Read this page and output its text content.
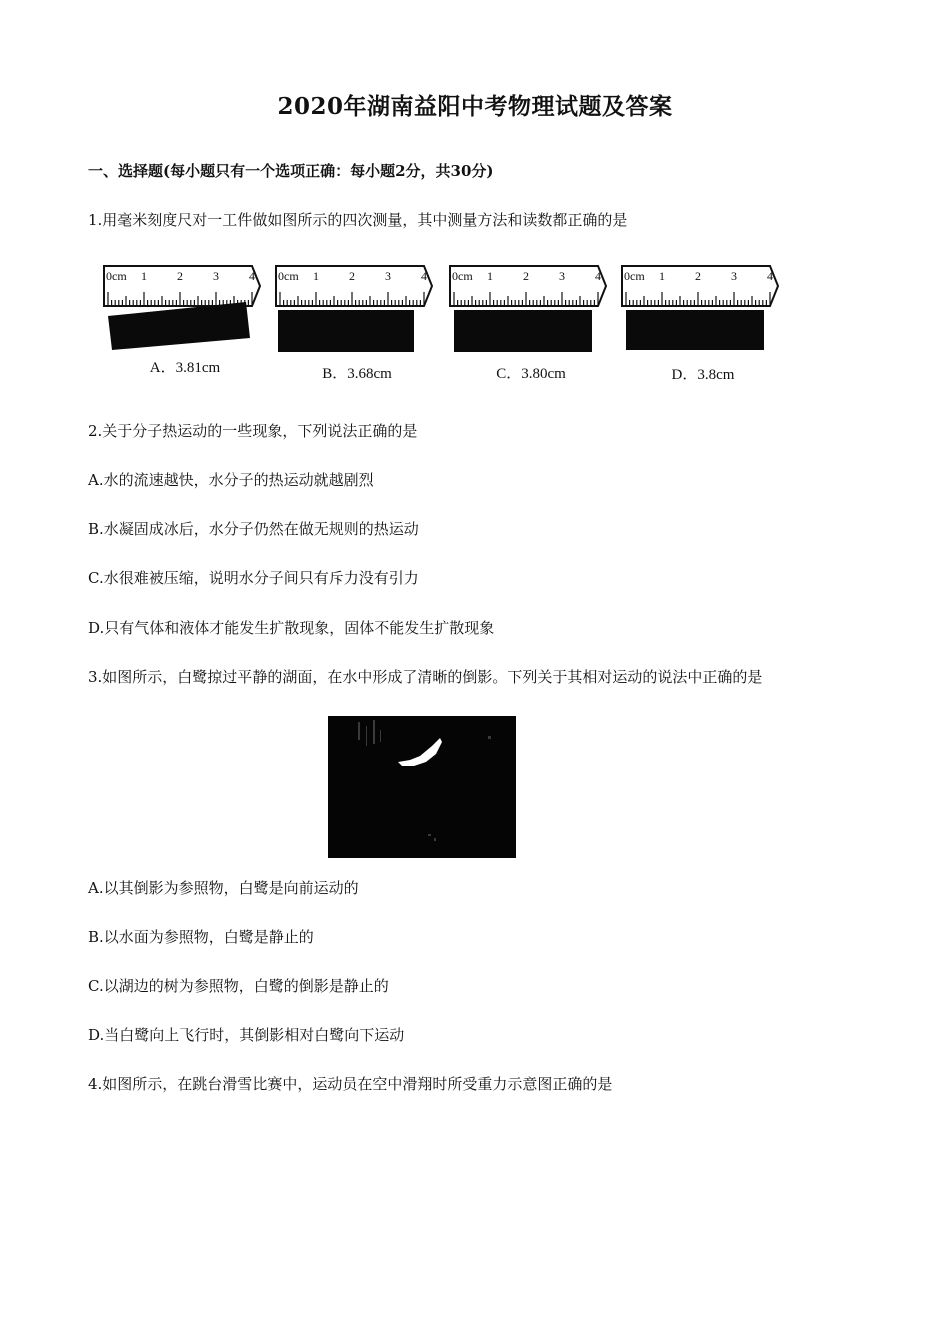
2020年湖南益阳中考物理试题及答案
一、选择题(每小题只有一个选项正确：每小题2分，共30分)
1.用毫米刻度尺对一工件做如图所示的四次测量，其中测量方法和读数都正确的是
0cm 1	2	3	4
A．3.81cm
0cm 1	2	3	4
B．3.68cm
0cm 1	2	3	4
C．3.80cm
0cm 1	2	3	4
D．3.8cm
2.关于分子热运动的一些现象，下列说法正确的是
A.水的流速越快，水分子的热运动就越剧烈
B.水凝固成冰后，水分子仍然在做无规则的热运动
C.水很难被压缩，说明水分子间只有斥力没有引力
D.只有气体和液体才能发生扩散现象，固体不能发生扩散现象
3.如图所示，白鹭掠过平静的湖面，在水中形成了清晰的倒影。下列关于其相对运动的说法中正确的是
A.以其倒影为参照物，白鹭是向前运动的
B.以水面为参照物，白鹭是静止的
C.以湖边的树为参照物，白鹭的倒影是静止的
D.当白鹭向上飞行时，其倒影相对白鹭向下运动
4.如图所示，在跳台滑雪比赛中，运动员在空中滑翔时所受重力示意图正确的是
